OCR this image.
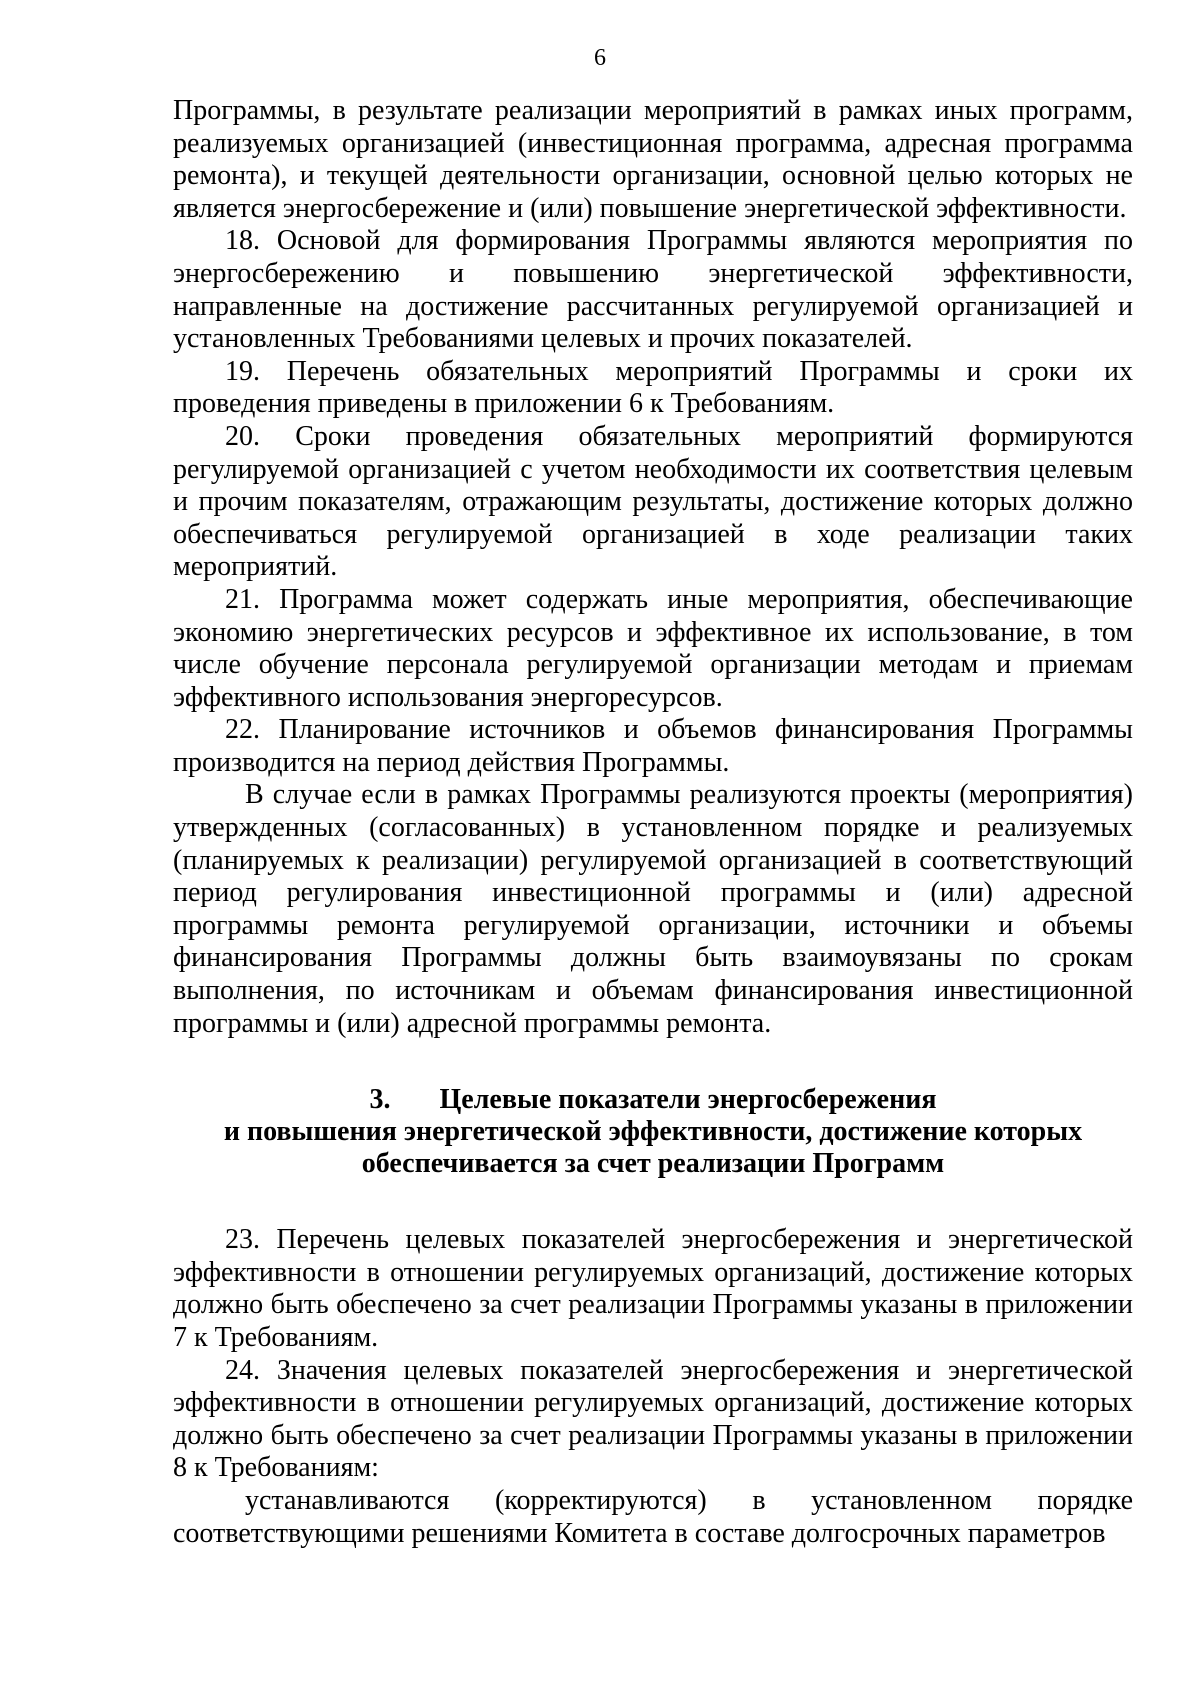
6

Программы, в результате реализации мероприятий в рамках иных программ, реализуемых организацией (инвестиционная программа, адресная программа ремонта), и текущей деятельности организации, основной целью которых не является энергосбережение и (или) повышение энергетической эффективности.

18. Основой для формирования Программы являются мероприятия по энергосбережению и повышению энергетической эффективности, направленные на достижение рассчитанных регулируемой организацией и установленных Требованиями целевых и прочих показателей.

19. Перечень обязательных мероприятий Программы и сроки их проведения приведены в приложении 6 к Требованиям.

20. Сроки проведения обязательных мероприятий формируются регулируемой организацией с учетом необходимости их соответствия целевым и прочим показателям, отражающим результаты, достижение которых должно обеспечиваться регулируемой организацией в ходе реализации таких мероприятий.

21. Программа может содержать иные мероприятия, обеспечивающие экономию энергетических ресурсов и эффективное их использование, в том числе обучение персонала регулируемой организации методам и приемам эффективного использования энергоресурсов.

22. Планирование источников и объемов финансирования Программы производится на период действия Программы.

В случае если в рамках Программы реализуются проекты (мероприятия) утвержденных (согласованных) в установленном порядке и реализуемых (планируемых к реализации) регулируемой организацией в соответствующий период регулирования инвестиционной программы и (или) адресной программы ремонта регулируемой организации, источники и объемы финансирования Программы должны быть взаимоувязаны по срокам выполнения, по источникам и объемам финансирования инвестиционной программы и (или) адресной программы ремонта.

3. Целевые показатели энергосбережения
и повышения энергетической эффективности, достижение которых
обеспечивается за счет реализации Программ

23. Перечень целевых показателей энергосбережения и энергетической эффективности в отношении регулируемых организаций, достижение которых должно быть обеспечено за счет реализации Программы указаны в приложении 7 к Требованиям.

24. Значения целевых показателей энергосбережения и энергетической эффективности в отношении регулируемых организаций, достижение которых должно быть обеспечено за счет реализации Программы указаны в приложении 8 к Требованиям:

устанавливаются (корректируются) в установленном порядке соответствующими решениями Комитета в составе долгосрочных параметров
